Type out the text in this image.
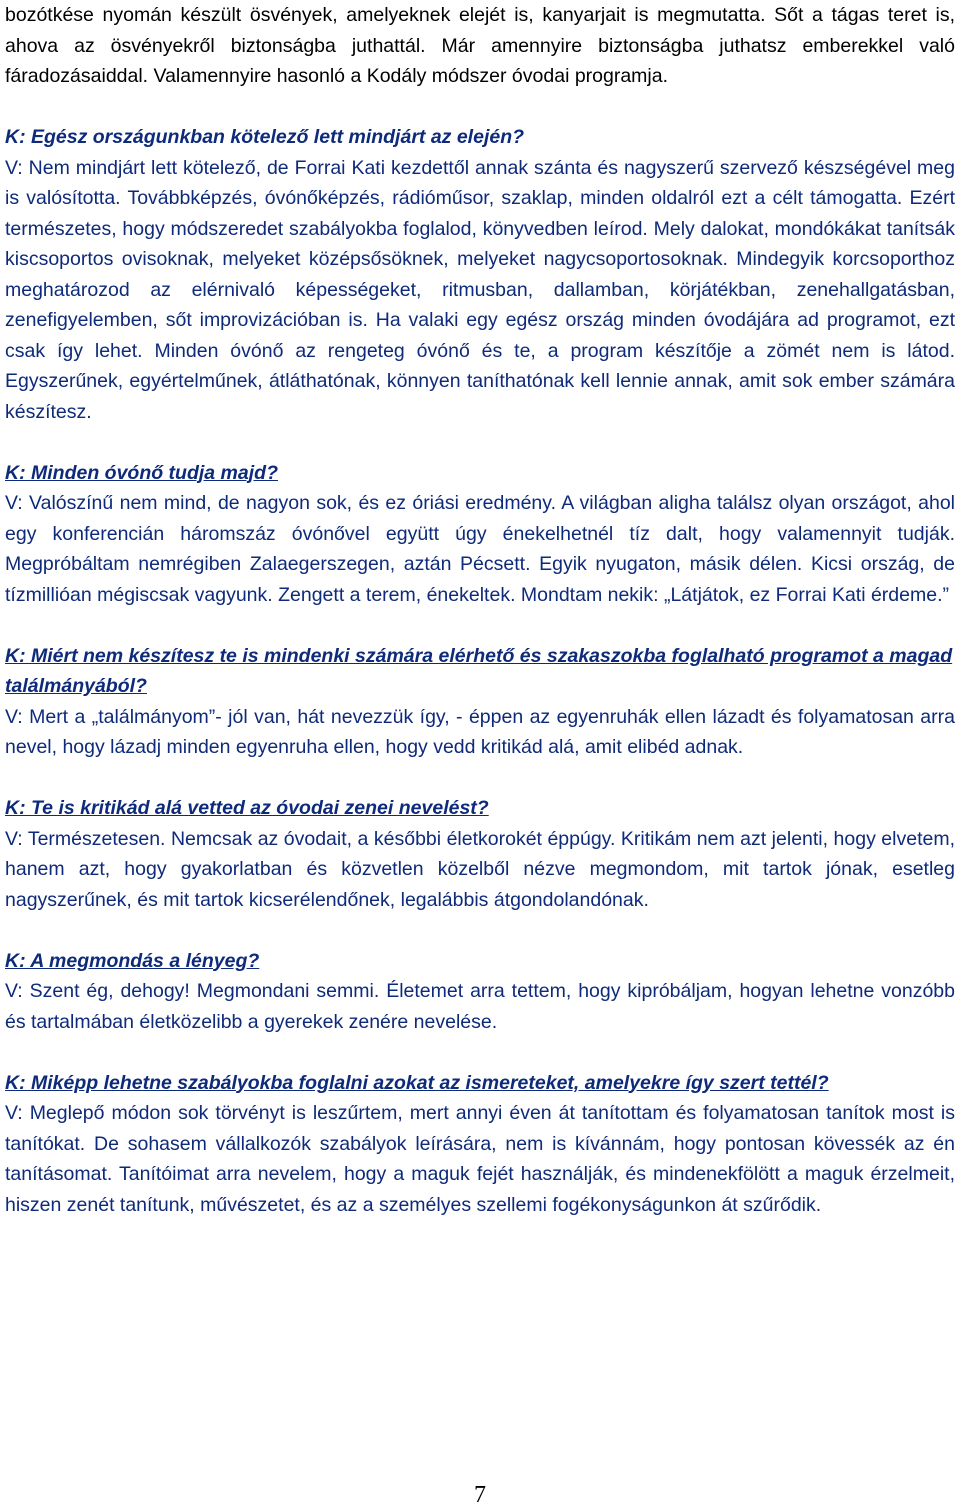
bozótkése nyomán készült ösvények, amelyeknek elejét is, kanyarjait is megmutatta. Sőt a tágas teret is, ahova az ösvényekről biztonságba juthattál. Már amennyire biztonságba juthatsz emberekkel való fáradozásaiddal. Valamennyire hasonló a Kodály módszer óvodai programja.

K: Egész országunkban kötelező lett mindjárt az elején?

V: Nem mindjárt lett kötelező, de Forrai Kati kezdettől annak szánta és nagyszerű szervező készségével meg is valósította. Továbbképzés, óvónőképzés, rádióműsor, szaklap, minden oldalról ezt a célt támogatta. Ezért természetes, hogy módszeredet szabályokba foglalod, könyvedben leírod. Mely dalokat, mondókákat tanítsák kiscsoportos ovisoknak, melyeket középsősöknek, melyeket nagycsoportosoknak. Mindegyik korcsoporthoz meghatározod az elérnivaló képességeket, ritmusban, dallamban, körjátékban, zenehallgatásban, zenefigyelemben, sőt improvizációban is. Ha valaki egy egész ország minden óvodájára ad programot, ezt csak így lehet. Minden óvónő az rengeteg óvónő és te, a program készítője a zömét nem is látod. Egyszerűnek, egyértelműnek, átláthatónak, könnyen taníthatónak kell lennie annak, amit sok ember számára készítesz.

K: Minden óvónő tudja majd?

V: Valószínű nem mind, de nagyon sok, és ez óriási eredmény. A világban aligha találsz olyan országot, ahol egy konferencián háromszáz óvónővel együtt úgy énekelhetnél tíz dalt, hogy valamennyit tudják. Megpróbáltam nemrégiben Zalaegerszegen, aztán Pécsett. Egyik nyugaton, másik délen. Kicsi ország, de tízmillióan mégiscsak vagyunk. Zengett a terem, énekeltek. Mondtam nekik: „Látjátok, ez Forrai Kati érdeme.”

K: Miért nem készítesz te is mindenki számára elérhető és szakaszokba foglalható programot a magad találmányából?

V: Mert a „találmányom”- jól van, hát nevezzük így, - éppen az egyenruhák ellen lázadt és folyamatosan arra nevel, hogy lázadj minden egyenruha ellen, hogy vedd kritikád alá, amit elibéd adnak.

K: Te is kritikád alá vetted az óvodai zenei nevelést?

V: Természetesen. Nemcsak az óvodait, a későbbi életkorokét éppúgy. Kritikám nem azt jelenti, hogy elvetem, hanem azt, hogy gyakorlatban és közvetlen közelből nézve megmondom, mit tartok jónak, esetleg nagyszerűnek, és mit tartok kicserélendőnek, legalábbis átgondolandónak.

K: A megmondás a lényeg?

V: Szent ég, dehogy! Megmondani semmi. Életemet arra tettem, hogy kipróbáljam, hogyan lehetne vonzóbb és tartalmában életközelibb a gyerekek zenére nevelése.

K: Miképp lehetne szabályokba foglalni azokat az ismereteket, amelyekre így szert tettél?

V: Meglepő módon sok törvényt is leszűrtem, mert annyi éven át tanítottam és folyamatosan tanítok most is tanítókat. De sohasem vállalkozók szabályok leírására, nem is kívánnám, hogy pontosan kövessék az én tanításomat. Tanítóimat arra nevelem, hogy a maguk fejét használják, és mindenekfölött a maguk érzelmeit, hiszen zenét tanítunk, művészetet, és az a személyes szellemi fogékonyságunkon át szűrődik.

7
